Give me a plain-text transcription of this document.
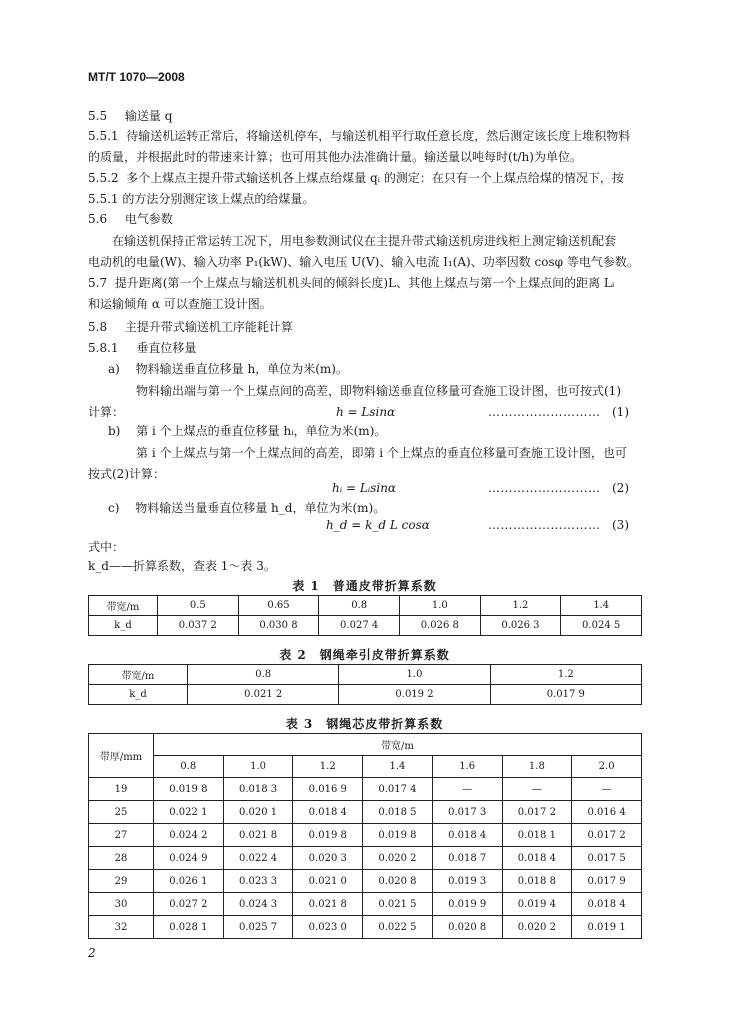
MT/T 1070—2008
5.5 输送量 q
5.5.1 待输送机运转正常后，将输送机停车，与输送机相平行取任意长度，然后测定该长度上堆积物料
的质量，并根据此时的带速来计算；也可用其他办法准确计量。输送量以吨每时(t/h)为单位。
5.5.2 多个上煤点主提升带式输送机各上煤点给煤量 qᵢ 的测定：在只有一个上煤点给煤的情况下，按
5.5.1 的方法分别测定该上煤点的给煤量。
5.6 电气参数
在输送机保持正常运转工况下，用电参数测试仪在主提升带式输送机房进线柜上测定输送机配套
电动机的电量(W)、输入功率 P₁(kW)、输入电压 U(V)、输入电流 I₁(A)、功率因数 cosφ 等电气参数。
5.7 提升距离(第一个上煤点与输送机机头间的倾斜长度)L、其他上煤点与第一个上煤点间的距离 Lᵢ
和运输倾角 α 可以查施工设计图。
5.8 主提升带式输送机工序能耗计算
5.8.1 垂直位移量
a) 物料输送垂直位移量 h，单位为米(m)。
物料输出端与第一个上煤点间的高差，即物料输送垂直位移量可查施工设计图，也可按式(1)
计算：	h = Lsinα	……………………… (1)
b) 第 i 个上煤点的垂直位移量 hᵢ，单位为米(m)。
第 i 个上煤点与第一个上煤点间的高差，即第 i 个上煤点的垂直位移量可查施工设计图，也可
按式(2)计算：
hᵢ = Lᵢsinα	……………………… (2)
c) 物料输送当量垂直位移量 h_d，单位为米(m)。
h_d = k_d L cosα	……………………… (3)
式中：
k_d——折算系数，查表 1～表 3。
表 1　普通皮带折算系数
带宽/m	0.5	0.65	0.8	1.0	1.2	1.4
k_d	0.037 2	0.030 8	0.027 4	0.026 8	0.026 3	0.024 5
表 2　钢绳牵引皮带折算系数
带宽/m	0.8	1.0	1.2
k_d	0.021 2	0.019 2	0.017 9
表 3　钢绳芯皮带折算系数
带厚/mm	带宽/m						
	0.8	1.0	1.2	1.4	1.6	1.8	2.0
19	0.019 8	0.018 3	0.016 9	0.017 4	—	—	—
25	0.022 1	0.020 1	0.018 4	0.018 5	0.017 3	0.017 2	0.016 4
27	0.024 2	0.021 8	0.019 8	0.019 8	0.018 4	0.018 1	0.017 2
28	0.024 9	0.022 4	0.020 3	0.020 2	0.018 7	0.018 4	0.017 5
29	0.026 1	0.023 3	0.021 0	0.020 8	0.019 3	0.018 8	0.017 9
30	0.027 2	0.024 3	0.021 8	0.021 5	0.019 9	0.019 4	0.018 4
32	0.028 1	0.025 7	0.023 0	0.022 5	0.020 8	0.020 2	0.019 1
2
